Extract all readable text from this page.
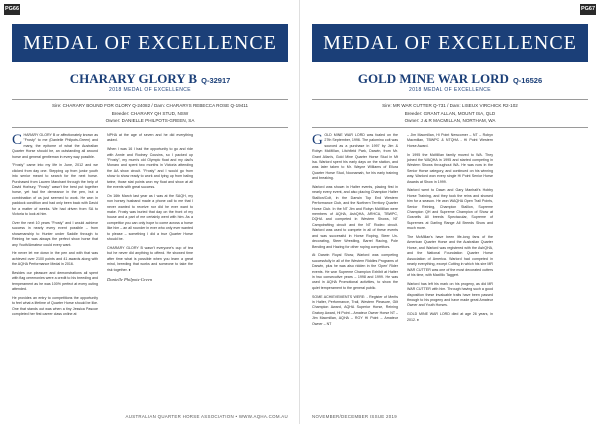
PG66
MEDAL OF EXCELLENCE
CHARARY GLORY B Q-32917
2018 MEDAL OF EXCELLENCE
Sire: CHARARY BOUND FOR GLORY Q-24082 / Dam: CHARARYS REBECCA ROSE Q-19411
Breeder: CHARARY QH STUD, NSW
Owner: DANIELLE PHILPOTS-GREEN, SA

CHARARY GLORY B or affectionately known as "Frosty" to me (Danielle Philpots-Green) and many, the epitome of what the Australian Quarter Horse should be, an outstanding all around horse and general gentleman in every way possible.

"Frosty" came into my life in June, 2012 and we clicked from day one. Stepping up from junior youth into senior meant to search for the next horse. Purchased from Lauren Marchant through the help of David Horbury, "Frosty" wasn't the best put together horse, yet had the demeanor in the pen, but a combination of us just seemed to work. He won in paddock condition and had only been back with David for a matter of weeks. We had driven from SA to Victoria to look at him.

Over the next 10 years "Frosty" and I would achieve success in nearly every event possible – from showmanship to Hunter under Saddle through to Reining he was always the perfect show horse that any Youth/Amateur could every want.

He never let me down in the pen and with that was achieved over 2100 points and 41 awards along with the AQHA Performance Medal in 2016.

Besides our pleasure and demonstrations all spent with flag ceremonies were a credit to his breeding and temperament as he was 100% perfect at every outing attended.

He provides an entry to competitions the opportunity to feel what a lifetime of Quarter Horse should be like. One that stands out was when a tiny Jessica Pascoe completed her first career class online at

NPHA at the age of seven and he did everything asked.

When I was 16 I had the opportunity to go and ride with Annie and Rodney Cousins, so I packed up "Frosty", my mum's old Olympic float and my dad's Monaro and spent two months in Victoria attending the AA show circuit. "Frosty" and I would go from show to show ready to work and tying up from baling twine, those stat points won my float and show at all the events with great success.

On 16th March last year as I was at the SAQH, my non horsey husband made a phone call to me that I never wanted to receive nor did he ever want to make. Frosty was buried that day on the front of my house and a part of me certainly went with him. As a competitor you can only hope to come across a horse like him – an all rounder in ever who only ever wanted to please – something I did a true Quarter Horse should be.

CHARARY GLORY B wasn't everyone's cup of tea but he never did anything to offend. He showed time after time what is possible when you learn a great mind, breeding that works and someone to take the risk together. ♦

Danielle Philpots-Green
AUSTRALIAN QUARTER HORSE ASSOCIATION • WWW.AQHA.COM.AU
PG67
MEDAL OF EXCELLENCE
GOLD MINE WAR LORD Q-16526
2018 MEDAL OF EXCELLENCE
Sire: MR WAR CUTTER Q-731 / Dam: LISEUX VIRCHICK R2-102
Breeder: GRANT ALLAN, MOUNT ISA, QLD
Owner: J & R MACMILLAN, NORTHAM, WA

GOLD MINE WAR LORD was foaled on the 27th September, 1996. The palomino colt was sourced as a purchase in 1997 by Jim & Robyn McMillan, Litchfield Park, Darwin, from Mr. Grant Allan's, Gold Mine Quarter Horse Stud in Mt Isa. Warlord spent his early days on the station, and was later taken to Mr. Wayne Williams of Ellura Quarter Horse Stud, Noonamah, for his early training and breaking.

Warlord was shown in Halter events, placing first in nearly every event, and also placing Champion Halter Stallion/Colt, in the Darwin Top End Western Performance Club, and the Northern Territory Quarter Horse Club. In the NT Jim and Robyn McMillan were members of AQHA, AshQHA, ARHCA, TBWPC, DQHA and competed in Western Shows, NT Campdrafting circuit and the NT Rodeo circuit. Warlord was used to compete in all of these events and was successful in Horse Roping, Steer Un-decorating, Steer Wrestling, Barrel Racing, Pole Bending and Hazing for other roping competitors.

At Darwin Royal Show, Warlord was competing successfully in all of the Western Riddles Programs of Darwin, plus he was also ridden in the 'Open' Rider events. He won Supreme Champion Exhibit at Halter in two consecutive years – 1998 and 1999. He was used in AQHA Promotional activities, to show the quiet temperament to the general public.

SOME ACHIEVEMENTS WERE: - Register of Merits in Halter, Performance, Trail, Western Pleasure, Gilt Champion Award, AQHA Superior Horse, Reining Gratory Award, Hi Point – Amateur Owner Horse NT – Jim Macmillan, AQHA – ROY Hi Point – Amateur Owner – NT

– Jim Macmillan, Hi Point Newcomer – NT – Robyn Macmillan, TBWPC & NTQHA - Hi Point Western Horse Award.

In 1995 the McMillan family moved to WA. They joined the WAQHA in 1995 and started competing in Western Shows throughout WA. He was now in the Senior Horse category, and continued on his winning way. Warlord won every single Hi Point Senior Horse Awards at Show in 1999.

Warlord went to Dawn and Gary Manhalt's Hobby Horse Training, and they took the reins and showed him for a season. He won WAQHA Open Trail Points, Senior Reining, Champion Stallion, Supreme Champion QH and Supreme Champion of Show at Gosnells All breeds Spectacular, Supreme of Supremes at Darling Range All Breeds Show and much more.

The McMillan's have been life-long fans of the American Quarter Horse and the Australian Quarter Horse, and Warlord was registered with the AshQHA, and the National Foundation Quarter Horse Association of America. Warlord had competed in nearly everything, except Cutting in which his sire MR WAR CUTTER was one of the most decorated cutters of his time, with MaxMic Taggert.

Warlord has left his mark on his progeny, as did MR WAR CUTTER with him. Through having such a good disposition these invaluable traits have been passed through to his progeny and have made great Amateur Owner and Youth Horses.

GOLD MINE WAR LORD died at age 26 years, in 2012. ♦

NOVEMBER/DECEMBER ISSUE 2019
